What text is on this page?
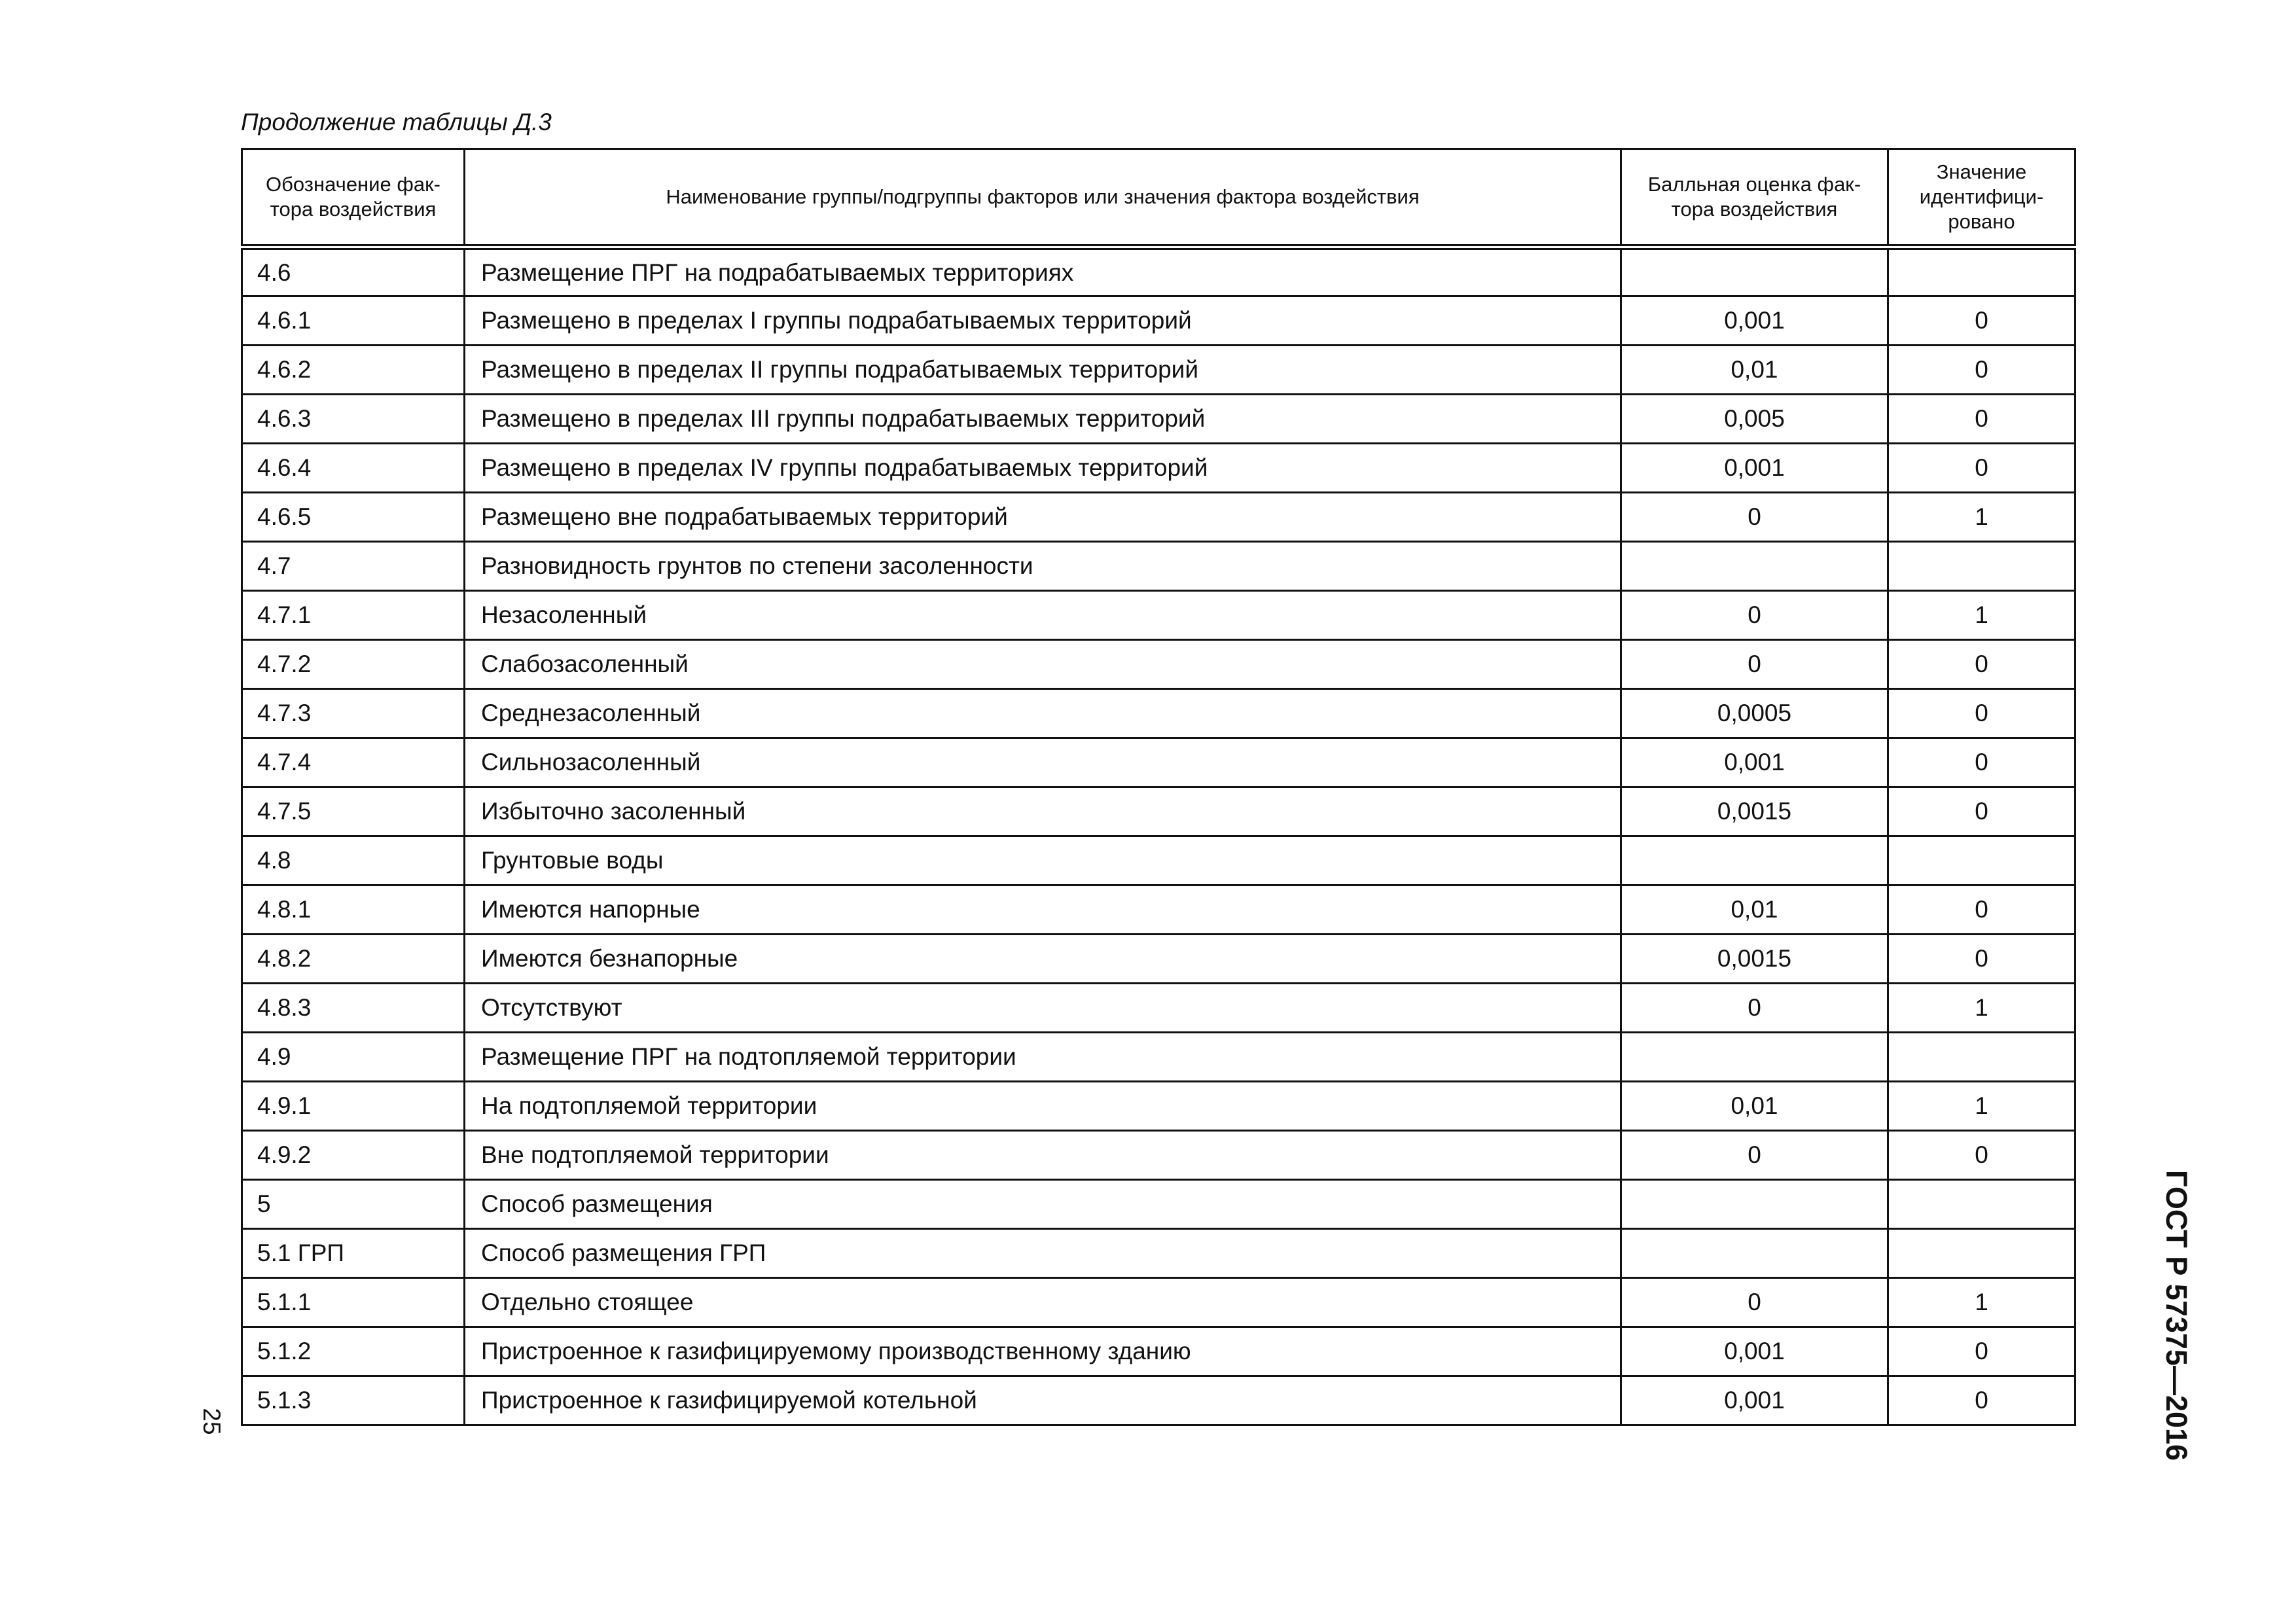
Продолжение таблицы Д.3
Обозначение фак-тора воздействия	Наименование группы/подгруппы факторов или значения фактора воздействия	Балльная оценка фак-тора воздействия	Значение идентифици-ровано
4.6	Размещение ПРГ на подрабатываемых территориях		
4.6.1	Размещено в пределах I группы подрабатываемых территорий	0,001	0
4.6.2	Размещено в пределах II группы подрабатываемых территорий	0,01	0
4.6.3	Размещено в пределах III группы подрабатываемых территорий	0,005	0
4.6.4	Размещено в пределах IV группы подрабатываемых территорий	0,001	0
4.6.5	Размещено вне подрабатываемых территорий	0	1
4.7	Разновидность грунтов по степени засоленности		
4.7.1	Незасоленный	0	1
4.7.2	Слабозасоленный	0	0
4.7.3	Среднезасоленный	0,0005	0
4.7.4	Сильнозасоленный	0,001	0
4.7.5	Избыточно засоленный	0,0015	0
4.8	Грунтовые воды		
4.8.1	Имеются напорные	0,01	0
4.8.2	Имеются безнапорные	0,0015	0
4.8.3	Отсутствуют	0	1
4.9	Размещение ПРГ на подтопляемой территории		
4.9.1	На подтопляемой территории	0,01	1
4.9.2	Вне подтопляемой территории	0	0
5	Способ размещения		
5.1 ГРП	Способ размещения ГРП		
5.1.1	Отдельно стоящее	0	1
5.1.2	Пристроенное к газифицируемому производственному зданию	0,001	0
5.1.3	Пристроенное к газифицируемой котельной	0,001	0
25	ГОСТ Р 57375—2016
